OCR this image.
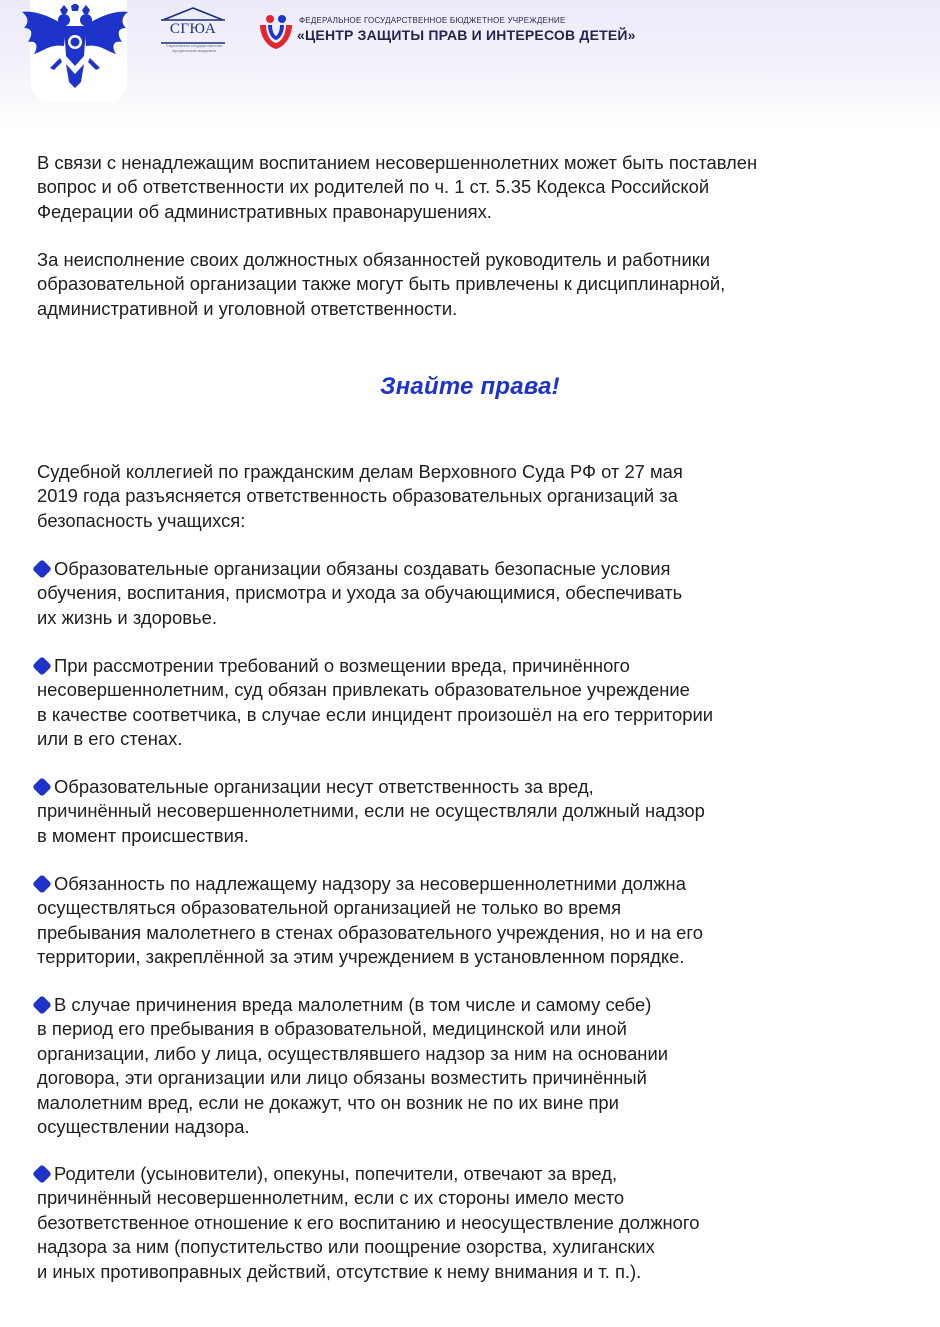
СГЮА
Саратовская государственная юридическая академия
ФЕДЕРАЛЬНОЕ ГОСУДАРСТВЕННОЕ БЮДЖЕТНОЕ УЧРЕЖДЕНИЕ
«ЦЕНТР ЗАЩИТЫ ПРАВ И ИНТЕРЕСОВ ДЕТЕЙ»
В связи с ненадлежащим воспитанием несовершеннолетних может быть поставлен
вопрос и об ответственности их родителей по ч. 1 ст. 5.35 Кодекса Российской
Федерации об административных правонарушениях.
За неисполнение своих должностных обязанностей руководитель и работники
образовательной организации также могут быть привлечены к дисциплинарной,
административной и уголовной ответственности.
Знайте права!
Судебной коллегией по гражданским делам Верховного Суда РФ от 27 мая
2019 года разъясняется ответственность образовательных организаций за
безопасность учащихся:
Образовательные организации обязаны создавать безопасные условия
обучения, воспитания, присмотра и ухода за обучающимися, обеспечивать
их жизнь и здоровье.
При рассмотрении требований о возмещении вреда, причинённого
несовершеннолетним, суд обязан привлекать образовательное учреждение
в качестве соответчика, в случае если инцидент произошёл на его территории
или в его стенах.
Образовательные организации несут ответственность за вред,
причинённый несовершеннолетними, если не осуществляли должный надзор
в момент происшествия.
Обязанность по надлежащему надзору за несовершеннолетними должна
осуществляться образовательной организацией не только во время
пребывания малолетнего в стенах образовательного учреждения, но и на его
территории, закреплённой за этим учреждением в установленном порядке.
В случае причинения вреда малолетним (в том числе и самому себе)
в период его пребывания в образовательной, медицинской или иной
организации, либо у лица, осуществлявшего надзор за ним на основании
договора, эти организации или лицо обязаны возместить причинённый
малолетним вред, если не докажут, что он возник не по их вине при
осуществлении надзора.
Родители (усыновители), опекуны, попечители, отвечают за вред,
причинённый несовершеннолетним, если с их стороны имело место
безответственное отношение к его воспитанию и неосуществление должного
надзора за ним (попустительство или поощрение озорства, хулиганских
и иных противоправных действий, отсутствие к нему внимания и т. п.).
